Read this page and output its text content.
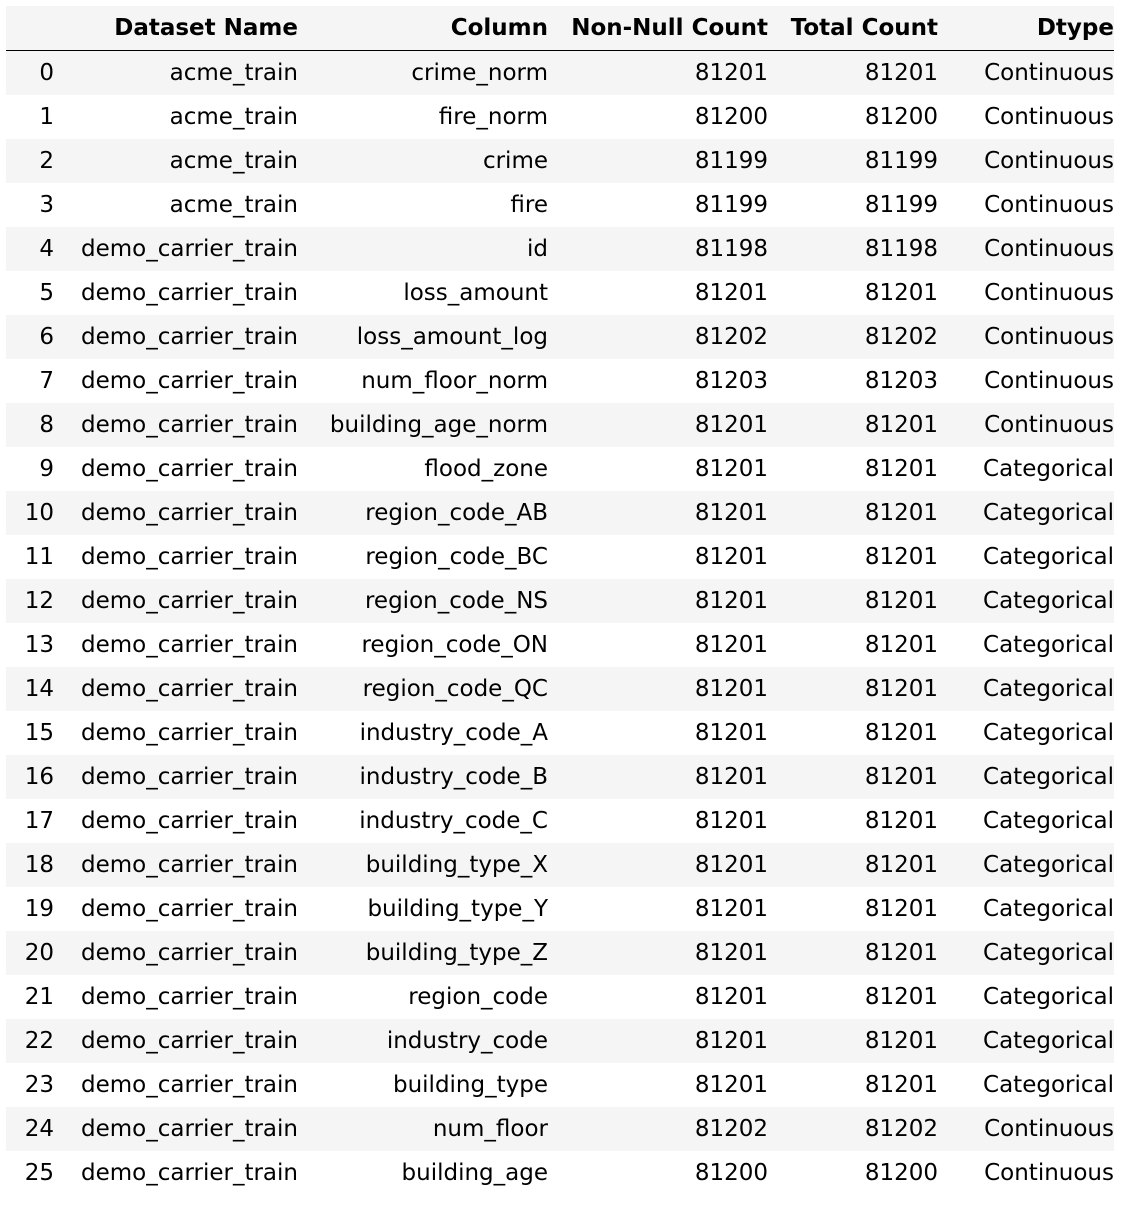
	Dataset Name	Column	Non-Null Count	Total Count	Dtype
0	acme_train	crime_norm	81201	81201	Continuous
1	acme_train	fire_norm	81200	81200	Continuous
2	acme_train	crime	81199	81199	Continuous
3	acme_train	fire	81199	81199	Continuous
4	demo_carrier_train	id	81198	81198	Continuous
5	demo_carrier_train	loss_amount	81201	81201	Continuous
6	demo_carrier_train	loss_amount_log	81202	81202	Continuous
7	demo_carrier_train	num_floor_norm	81203	81203	Continuous
8	demo_carrier_train	building_age_norm	81201	81201	Continuous
9	demo_carrier_train	flood_zone	81201	81201	Categorical
10	demo_carrier_train	region_code_AB	81201	81201	Categorical
11	demo_carrier_train	region_code_BC	81201	81201	Categorical
12	demo_carrier_train	region_code_NS	81201	81201	Categorical
13	demo_carrier_train	region_code_ON	81201	81201	Categorical
14	demo_carrier_train	region_code_QC	81201	81201	Categorical
15	demo_carrier_train	industry_code_A	81201	81201	Categorical
16	demo_carrier_train	industry_code_B	81201	81201	Categorical
17	demo_carrier_train	industry_code_C	81201	81201	Categorical
18	demo_carrier_train	building_type_X	81201	81201	Categorical
19	demo_carrier_train	building_type_Y	81201	81201	Categorical
20	demo_carrier_train	building_type_Z	81201	81201	Categorical
21	demo_carrier_train	region_code	81201	81201	Categorical
22	demo_carrier_train	industry_code	81201	81201	Categorical
23	demo_carrier_train	building_type	81201	81201	Categorical
24	demo_carrier_train	num_floor	81202	81202	Continuous
25	demo_carrier_train	building_age	81200	81200	Continuous
